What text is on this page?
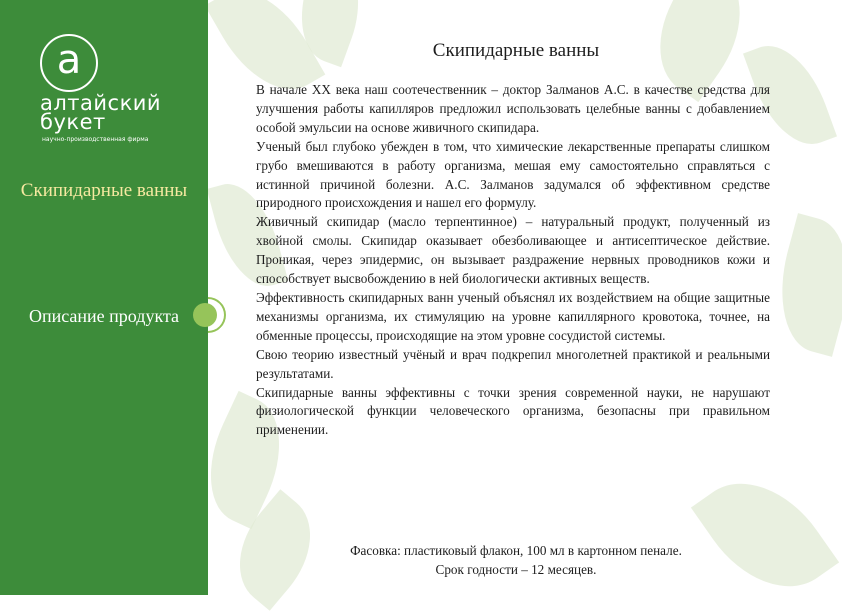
a
алтайский
букет
научно-производственная фирма
Скипидарные ванны
Описание продукта
Скипидарные ванны

В начале XX века наш соотечественник – доктор Залманов А.С. в качестве средства для улучшения работы капилляров предложил использовать целебные ванны с добавлением особой эмульсии на основе живичного скипидара.

Ученый был глубоко убежден в том, что химические лекарственные препараты слишком грубо вмешиваются в работу организма, мешая ему самостоятельно справляться с истинной причиной болезни. А.С. Залманов задумался об эффективном средстве природного происхождения и нашел его формулу.

Живичный скипидар (масло терпентинное) – натуральный продукт, полученный из хвойной смолы. Скипидар оказывает обезболивающее и антисептическое действие. Проникая, через эпидермис, он вызывает раздражение нервных проводников кожи и способствует высвобождению в ней биологически активных веществ.

Эффективность скипидарных ванн ученый объяснял их воздействием на общие защитные механизмы организма, их стимуляцию на уровне капиллярного кровотока, точнее, на обменные процессы, происходящие на этом уровне сосудистой системы.

Свою теорию известный учёный и врач подкрепил многолетней практикой и реальными результатами.

Скипидарные ванны эффективны с точки зрения современной науки, не нарушают физиологической функции человеческого организма, безопасны при правильном применении.

Фасовка: пластиковый флакон, 100 мл в картонном пенале.
Срок годности – 12 месяцев.
